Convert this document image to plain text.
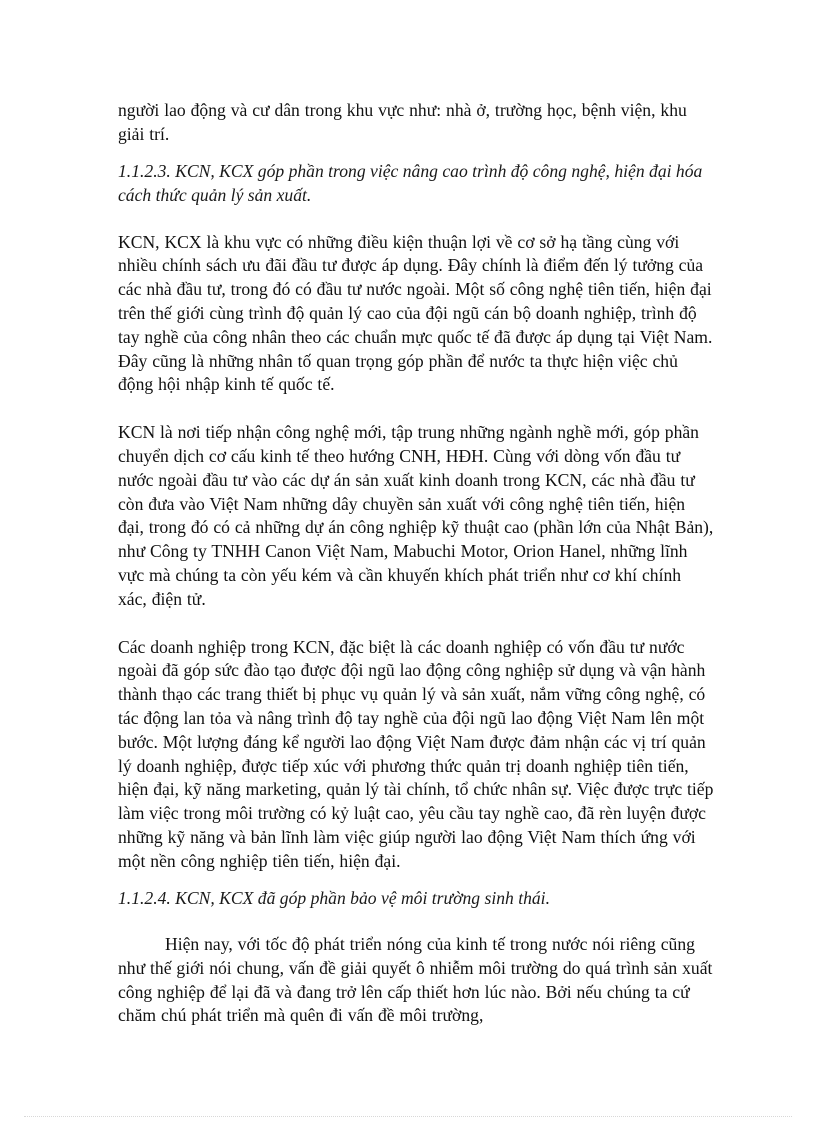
người lao động và cư dân trong khu vực như: nhà ở, trường học, bệnh viện, khu giải trí.

1.1.2.3. KCN, KCX góp phần trong việc nâng cao trình độ công nghệ, hiện đại hóa cách thức quản lý sản xuất.

KCN, KCX là khu vực có những điều kiện thuận lợi về cơ sở hạ tầng cùng với nhiều chính sách ưu đãi đầu tư được áp dụng. Đây chính là điểm đến lý tưởng của các nhà đầu tư, trong đó có đầu tư nước ngoài. Một số công nghệ tiên tiến, hiện đại trên thế giới cùng trình độ quản lý cao của đội ngũ cán bộ doanh nghiệp, trình độ tay nghề của công nhân theo các chuẩn mực quốc tế đã được áp dụng tại Việt Nam. Đây cũng là những nhân tố quan trọng góp phần để nước ta thực hiện việc chủ động hội nhập kinh tế quốc tế.

KCN là nơi tiếp nhận công nghệ mới, tập trung những ngành nghề mới, góp phần chuyển dịch cơ cấu kinh tế theo hướng CNH, HĐH. Cùng với dòng vốn đầu tư nước ngoài đầu tư vào các dự án sản xuất kinh doanh trong KCN, các nhà đầu tư còn đưa vào Việt Nam những dây chuyền sản xuất với công nghệ tiên tiến, hiện đại, trong đó có cả những dự án công nghiệp kỹ thuật cao (phần lớn của Nhật Bản), như Công ty TNHH Canon Việt Nam, Mabuchi Motor, Orion Hanel, những lĩnh vực mà chúng ta còn yếu kém và cần khuyến khích phát triển như cơ khí chính xác, điện tử.

Các doanh nghiệp trong KCN, đặc biệt là các doanh nghiệp có vốn đầu tư nước ngoài đã góp sức đào tạo được đội ngũ lao động công nghiệp sử dụng và vận hành thành thạo các trang thiết bị phục vụ quản lý và sản xuất, nắm vững công nghệ, có tác động lan tỏa và nâng trình độ tay nghề của đội ngũ lao động Việt Nam lên một bước. Một lượng đáng kể người lao động Việt Nam được đảm nhận các vị trí quản lý doanh nghiệp, được tiếp xúc với phương thức quản trị doanh nghiệp tiên tiến, hiện đại, kỹ năng marketing, quản lý tài chính, tổ chức nhân sự. Việc được trực tiếp làm việc trong môi trường có kỷ luật cao, yêu cầu tay nghề cao, đã rèn luyện được những kỹ năng và bản lĩnh làm việc giúp người lao động Việt Nam thích ứng với một nền công nghiệp tiên tiến, hiện đại.

1.1.2.4. KCN, KCX đã góp phần bảo vệ môi trường sinh thái.

Hiện nay, với tốc độ phát triển nóng của kinh tế trong nước nói riêng cũng như thế giới nói chung, vấn đề giải quyết ô nhiễm môi trường do quá trình sản xuất công nghiệp để lại đã và đang trở lên cấp thiết hơn lúc nào. Bởi nếu chúng ta cứ chăm chú phát triển mà quên đi vấn đề môi trường,
